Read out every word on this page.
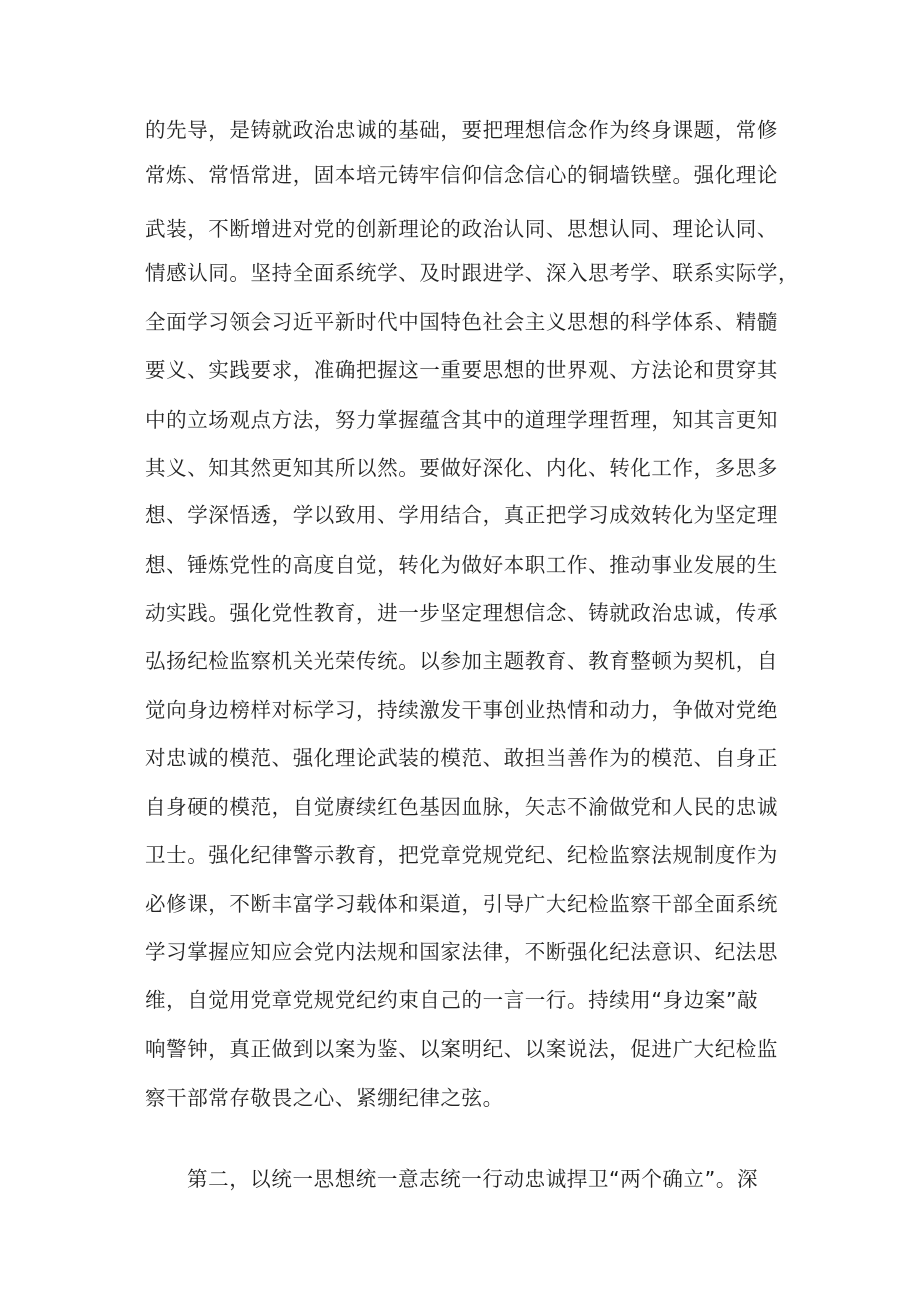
的先导，是铸就政治忠诚的基础，要把理想信念作为终身课题，常修
常炼、常悟常进，固本培元铸牢信仰信念信心的铜墙铁壁。强化理论
武装，不断增进对党的创新理论的政治认同、思想认同、理论认同、
情感认同。坚持全面系统学、及时跟进学、深入思考学、联系实际学，
全面学习领会习近平新时代中国特色社会主义思想的科学体系、精髓
要义、实践要求，准确把握这一重要思想的世界观、方法论和贯穿其
中的立场观点方法，努力掌握蕴含其中的道理学理哲理，知其言更知
其义、知其然更知其所以然。要做好深化、内化、转化工作，多思多
想、学深悟透，学以致用、学用结合，真正把学习成效转化为坚定理
想、锤炼党性的高度自觉，转化为做好本职工作、推动事业发展的生
动实践。强化党性教育，进一步坚定理想信念、铸就政治忠诚，传承
弘扬纪检监察机关光荣传统。以参加主题教育、教育整顿为契机，自
觉向身边榜样对标学习，持续激发干事创业热情和动力，争做对党绝
对忠诚的模范、强化理论武装的模范、敢担当善作为的模范、自身正
自身硬的模范，自觉赓续红色基因血脉，矢志不渝做党和人民的忠诚
卫士。强化纪律警示教育，把党章党规党纪、纪检监察法规制度作为
必修课，不断丰富学习载体和渠道，引导广大纪检监察干部全面系统
学习掌握应知应会党内法规和国家法律，不断强化纪法意识、纪法思
维，自觉用党章党规党纪约束自己的一言一行。持续用“身边案”敲
响警钟，真正做到以案为鉴、以案明纪、以案说法，促进广大纪检监
察干部常存敬畏之心、紧绷纪律之弦。
第二，以统一思想统一意志统一行动忠诚捍卫“两个确立”。深
